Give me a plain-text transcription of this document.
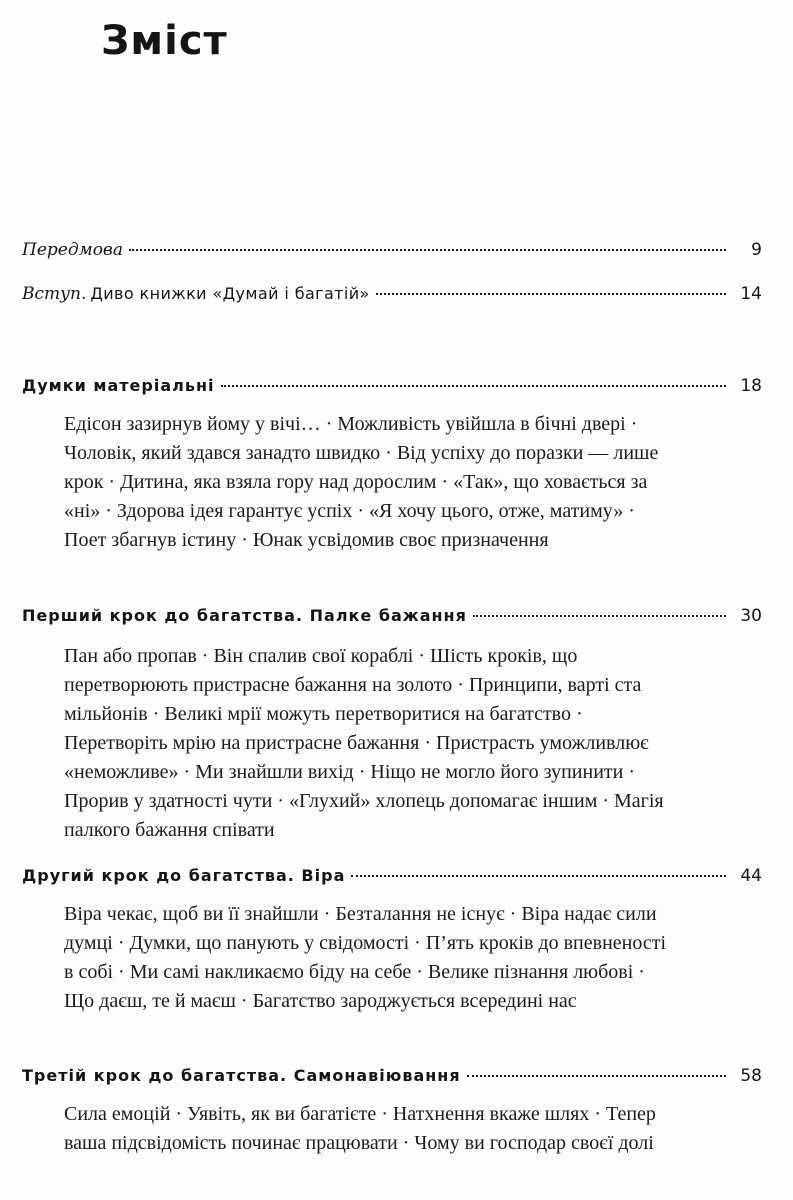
Зміст
Передмова	9
Вступ. Диво книжки «Думай і багатій»	14
Думки матеріальні	18

Едісон зазирнув йому у вічі… · Можливість увійшла в бічні двері · Чоловік, який здався занадто швидко · Від успіху до поразки — лише крок · Дитина, яка взяла гору над дорослим · «Так», що ховається за «ні» · Здорова ідея гарантує успіх · «Я хочу цього, отже, матиму» · Поет збагнув істину · Юнак усвідомив своє призначення

Перший крок до багатства. Палке бажання	30

Пан або пропав · Він спалив свої кораблі · Шість кроків, що перетворюють пристрасне бажання на золото · Принципи, варті ста мільйонів · Великі мрії можуть перетворитися на багатство · Перетворіть мрію на пристрасне бажання · Пристрасть уможливлює «неможливе» · Ми знайшли вихід · Ніщо не могло його зупинити · Прорив у здатності чути · «Глухий» хлопець допомагає іншим · Магія палкого бажання співати

Другий крок до багатства. Віра	44

Віра чекає, щоб ви її знайшли · Безталання не існує · Віра надає сили думці · Думки, що панують у свідомості · П’ять кроків до впевненості в собі · Ми самі накликаємо біду на себе · Велике пізнання любові · Що даєш, те й маєш · Багатство зароджується всередині нас

Третій крок до багатства. Самонавіювання	58

Сила емоцій · Уявіть, як ви багатієте · Натхнення вкаже шлях · Тепер ваша підсвідомість починає працювати · Чому ви господар своєї долі
